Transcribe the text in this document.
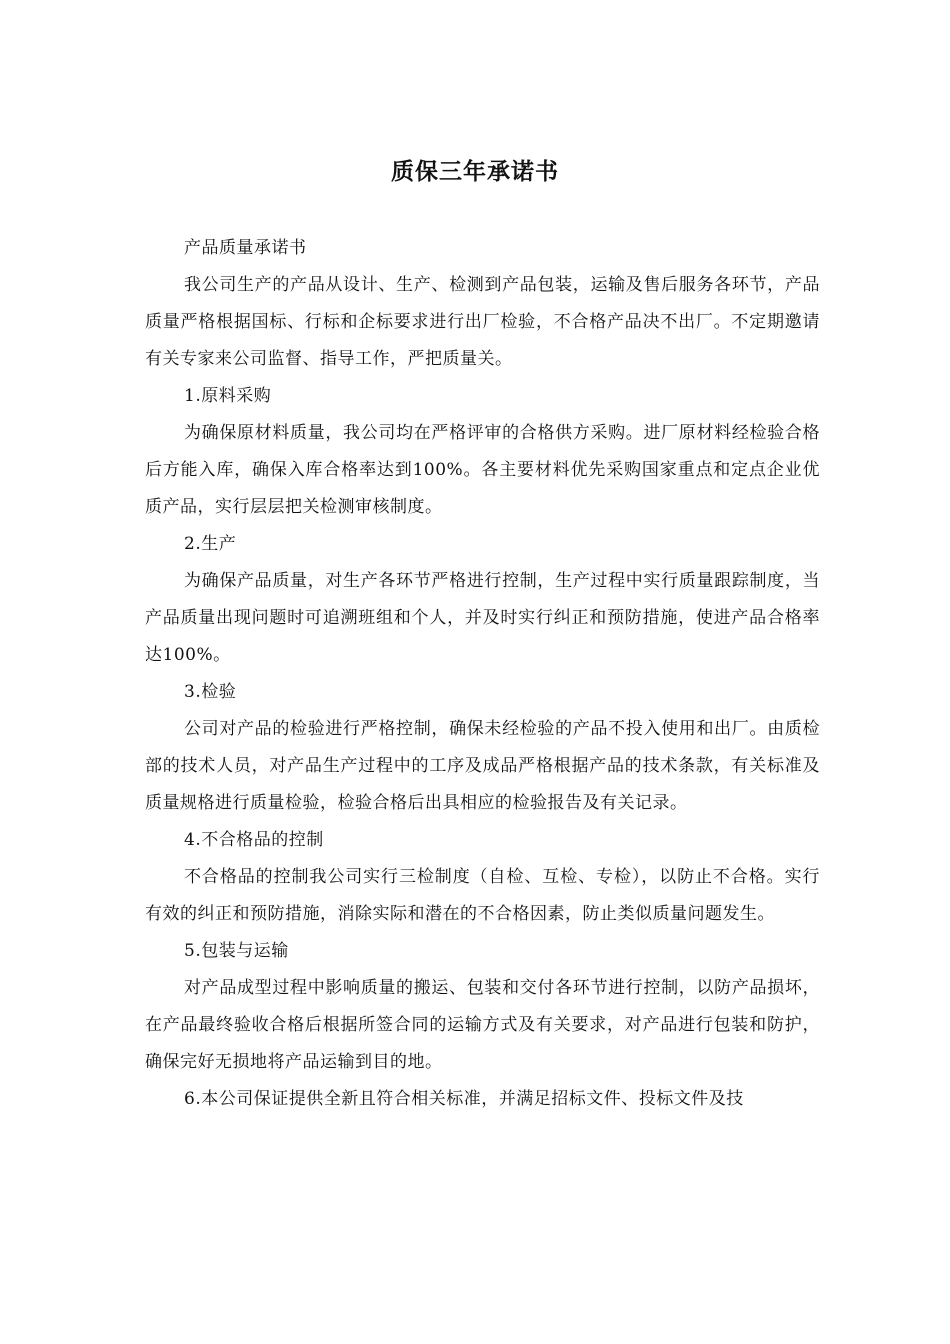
质保三年承诺书

产品质量承诺书

我公司生产的产品从设计、生产、检测到产品包装，运输及售后服务各环节，产品质量严格根据国标、行标和企标要求进行出厂检验，不合格产品决不出厂。不定期邀请有关专家来公司监督、指导工作，严把质量关。

1.原料采购

为确保原材料质量，我公司均在严格评审的合格供方采购。进厂原材料经检验合格后方能入库，确保入库合格率达到100%。各主要材料优先采购国家重点和定点企业优质产品，实行层层把关检测审核制度。

2.生产

为确保产品质量，对生产各环节严格进行控制，生产过程中实行质量跟踪制度，当产品质量出现问题时可追溯班组和个人，并及时实行纠正和预防措施，使进产品合格率达100%。

3.检验

公司对产品的检验进行严格控制，确保未经检验的产品不投入使用和出厂。由质检部的技术人员，对产品生产过程中的工序及成品严格根据产品的技术条款，有关标准及质量规格进行质量检验，检验合格后出具相应的检验报告及有关记录。

4.不合格品的控制

不合格品的控制我公司实行三检制度（自检、互检、专检），以防止不合格。实行有效的纠正和预防措施，消除实际和潜在的不合格因素，防止类似质量问题发生。

5.包装与运输

对产品成型过程中影响质量的搬运、包装和交付各环节进行控制，以防产品损坏，在产品最终验收合格后根据所签合同的运输方式及有关要求，对产品进行包装和防护，确保完好无损地将产品运输到目的地。

6.本公司保证提供全新且符合相关标准，并满足招标文件、投标文件及技
